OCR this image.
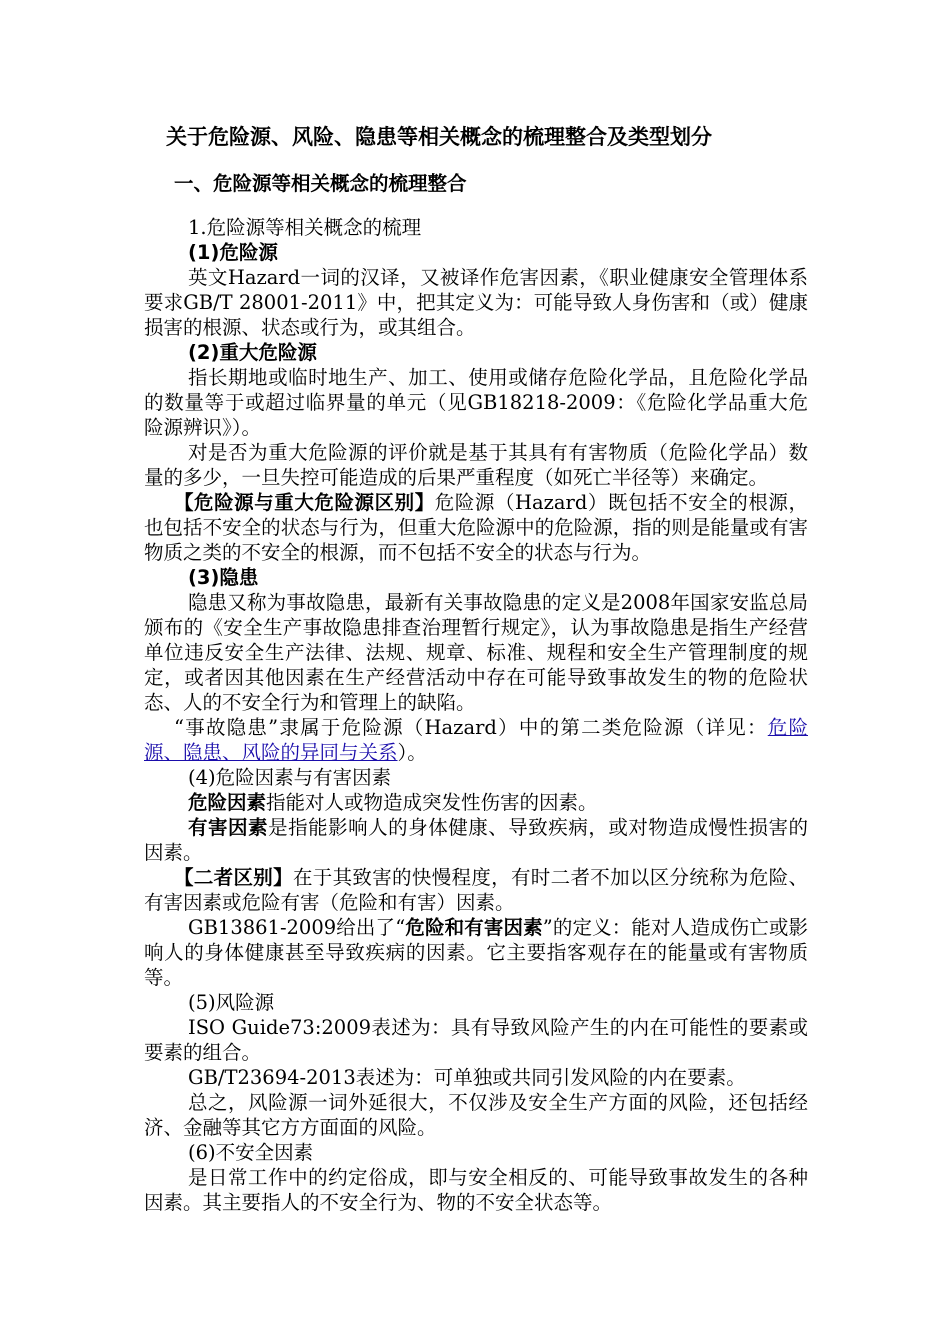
关于危险源、风险、隐患等相关概念的梳理整合及类型划分

一、危险源等相关概念的梳理整合

1.危险源等相关概念的梳理

(1)危险源

英文Hazard一词的汉译，又被译作危害因素，《职业健康安全管理体系要求GB/T 28001-2011》中，把其定义为：可能导致人身伤害和（或）健康损害的根源、状态或行为，或其组合。

(2)重大危险源

指长期地或临时地生产、加工、使用或储存危险化学品，且危险化学品的数量等于或超过临界量的单元（见GB18218-2009：《危险化学品重大危险源辨识》）。

对是否为重大危险源的评价就是基于其具有有害物质（危险化学品）数量的多少，一旦失控可能造成的后果严重程度（如死亡半径等）来确定。

【危险源与重大危险源区别】危险源（Hazard）既包括不安全的根源，也包括不安全的状态与行为，但重大危险源中的危险源，指的则是能量或有害物质之类的不安全的根源，而不包括不安全的状态与行为。

(3)隐患

隐患又称为事故隐患，最新有关事故隐患的定义是2008年国家安监总局颁布的《安全生产事故隐患排查治理暂行规定》，认为事故隐患是指生产经营单位违反安全生产法律、法规、规章、标准、规程和安全生产管理制度的规定，或者因其他因素在生产经营活动中存在可能导致事故发生的物的危险状态、人的不安全行为和管理上的缺陷。

“事故隐患”隶属于危险源（Hazard）中的第二类危险源（详见：危险源、隐患、风险的异同与关系）。

(4)危险因素与有害因素

危险因素指能对人或物造成突发性伤害的因素。

有害因素是指能影响人的身体健康、导致疾病，或对物造成慢性损害的因素。

【二者区别】在于其致害的快慢程度，有时二者不加以区分统称为危险、有害因素或危险有害（危险和有害）因素。

GB13861-2009给出了“危险和有害因素”的定义：能对人造成伤亡或影响人的身体健康甚至导致疾病的因素。它主要指客观存在的能量或有害物质等。

(5)风险源

ISO Guide73:2009表述为：具有导致风险产生的内在可能性的要素或要素的组合。

GB/T23694-2013表述为：可单独或共同引发风险的内在要素。

总之，风险源一词外延很大，不仅涉及安全生产方面的风险，还包括经济、金融等其它方方面面的风险。

(6)不安全因素

是日常工作中的约定俗成，即与安全相反的、可能导致事故发生的各种因素。其主要指人的不安全行为、物的不安全状态等。
